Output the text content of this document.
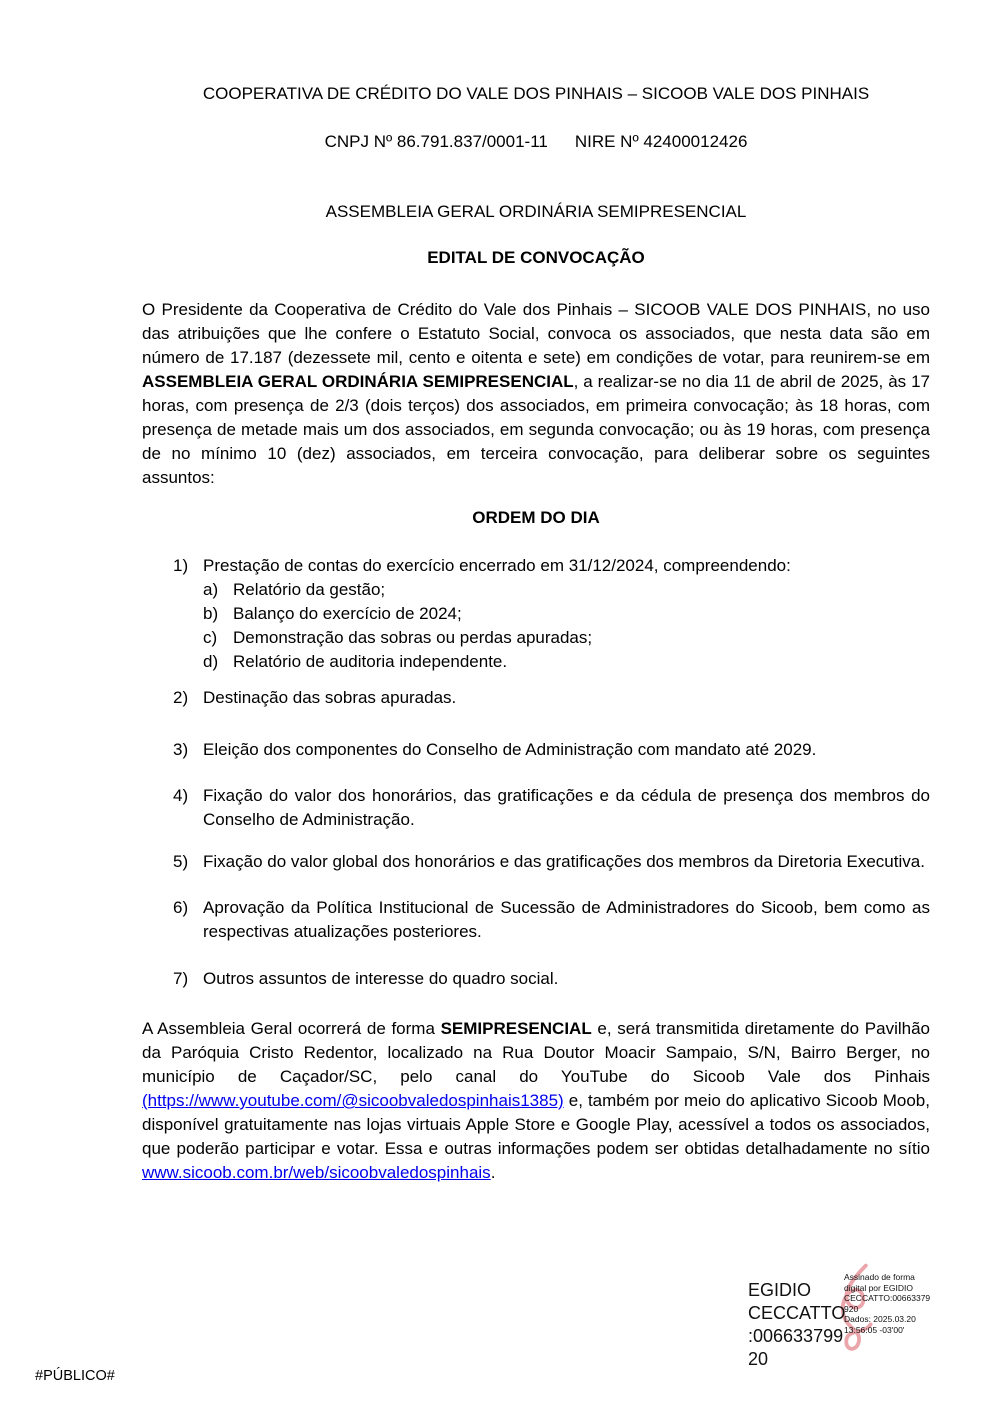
COOPERATIVA DE CRÉDITO DO VALE DOS PINHAIS – SICOOB VALE DOS PINHAIS
CNPJ Nº 86.791.837/0001-11 NIRE Nº 42400012426
ASSEMBLEIA GERAL ORDINÁRIA SEMIPRESENCIAL
EDITAL DE CONVOCAÇÃO

O Presidente da Cooperativa de Crédito do Vale dos Pinhais – SICOOB VALE DOS PINHAIS, no uso das atribuições que lhe confere o Estatuto Social, convoca os associados, que nesta data são em número de 17.187 (dezessete mil, cento e oitenta e sete) em condições de votar, para reunirem-se em ASSEMBLEIA GERAL ORDINÁRIA SEMIPRESENCIAL, a realizar-se no dia 11 de abril de 2025, às 17 horas, com presença de 2/3 (dois terços) dos associados, em primeira convocação; às 18 horas, com presença de metade mais um dos associados, em segunda convocação; ou às 19 horas, com presença de no mínimo 10 (dez) associados, em terceira convocação, para deliberar sobre os seguintes assuntos:

ORDEM DO DIA
1) Prestação de contas do exercício encerrado em 31/12/2024, compreendendo:
a) Relatório da gestão;
b) Balanço do exercício de 2024;
c) Demonstração das sobras ou perdas apuradas;
d) Relatório de auditoria independente.
2) Destinação das sobras apuradas.
3) Eleição dos componentes do Conselho de Administração com mandato até 2029.
4) Fixação do valor dos honorários, das gratificações e da cédula de presença dos membros do Conselho de Administração.
5) Fixação do valor global dos honorários e das gratificações dos membros da Diretoria Executiva.
6) Aprovação da Política Institucional de Sucessão de Administradores do Sicoob, bem como as respectivas atualizações posteriores.
7) Outros assuntos de interesse do quadro social.

A Assembleia Geral ocorrerá de forma SEMIPRESENCIAL e, será transmitida diretamente do Pavilhão da Paróquia Cristo Redentor, localizado na Rua Doutor Moacir Sampaio, S/N, Bairro Berger, no município de Caçador/SC, pelo canal do YouTube do Sicoob Vale dos Pinhais (https://www.youtube.com/@sicoobvaledospinhais1385) e, também por meio do aplicativo Sicoob Moob, disponível gratuitamente nas lojas virtuais Apple Store e Google Play, acessível a todos os associados, que poderão participar e votar. Essa e outras informações podem ser obtidas detalhadamente no sítio www.sicoob.com.br/web/sicoobvaledospinhais.

EGIDIO CECCATTO:00663379920
Assinado de forma digital por EGIDIO CECCATTO:00663379920
Dados: 2025.03.20 13:56:05 -03'00'
#PÚBLICO#
